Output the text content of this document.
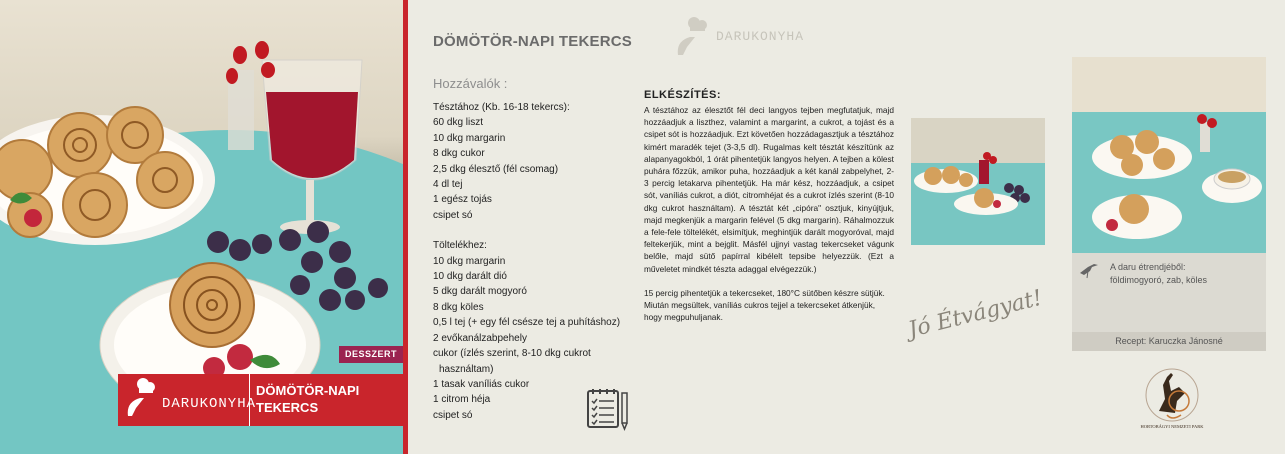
DESSZERT
DARUKONYHA
DÖMÖTÖR-NAPI
TEKERCS
DÖMÖTÖR-NAPI TEKERCS	DARUKONYHA
Hozzávalók :
Tésztához (Kb. 16-18 tekercs):
60 dkg liszt
10 dkg margarin
8 dkg cukor
2,5 dkg élesztő (fél csomag)
4 dl tej
1 egész tojás
csipet só
Töltelékhez:
10 dkg margarin
10 dkg darált dió
5 dkg darált mogyoró
8 dkg köles
0,5 l tej (+ egy fél csésze tej a puhításhoz)
2 evőkanálzabpehely
cukor (ízlés szerint, 8-10 dkg cukrot
használtam)
1 tasak vaníliás cukor
1 citrom héja
csipet só
ELKÉSZÍTÉS:

A tésztához az élesztőt fél deci langyos tejben megfutatjuk, majd hozzáadjuk a liszthez, valamint a margarint, a cukrot, a tojást és a csipet sót is hozzáadjuk. Ezt követően hozzádagasztjuk a tésztához kimért maradék tejet (3-3,5 dl). Rugalmas kelt tésztát készítünk az alapanyagokból, 1 órát pihentetjük langyos helyen. A tejben a kölest puhára főzzük, amikor puha, hozzáadjuk a két kanál zabpelyhet, 2-3 percig letakarva pihentetjük. Ha már kész, hozzáadjuk, a csipet sót, vaníliás cukrot, a diót, citromhéjat és a cukrot ízlés szerint (8-10 dkg cukrot használtam). A tésztát két „cipóra" osztjuk, kinyújtjuk, majd megkenjük a margarin felével (5 dkg margarin). Ráhalmozzuk a fele-fele töltelékét, elsimítjuk, meghintjük darált mogyoróval, majd feltekerjük, mint a bejglit. Másfél ujjnyi vastag tekercseket vágunk belőle, majd sütő papírral kibélelt tepsibe helyezzük. (Ezt a műveletet mindkét tészta adaggal elvégezzük.)

15 percig pihentetjük a tekercseket, 180°C sütőben készre sütjük. Miután megsültek, vaníliás cukros tejjel a tekercseket átkenjük, hogy megpuhuljanak.

A daru étrendjéből:
földimogyoró, zab, köles
Recept: Karuczka Jánosné
Jó Étvágyat!
HORTOBÁGYI NEMZETI PARK
